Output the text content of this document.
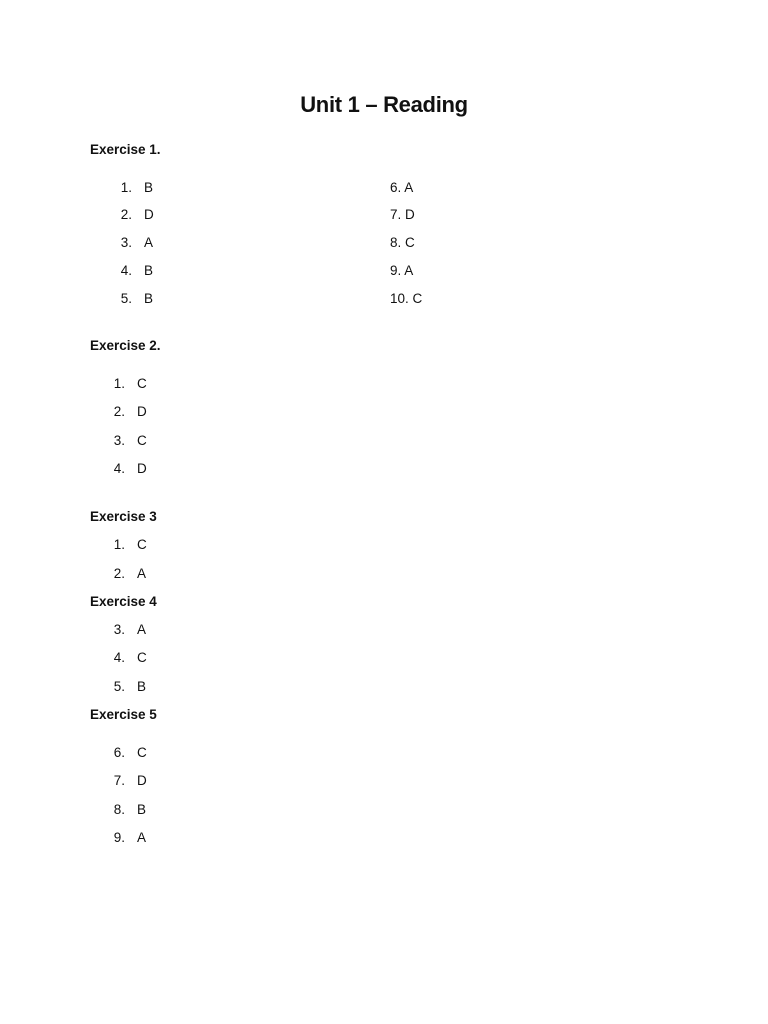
Unit 1 – Reading
Exercise 1.
1. B
2. D
3. A
4. B
5. B
6. A
7. D
8. C
9. A
10. C
Exercise 2.
1. C
2. D
3. C
4. D
Exercise 3
1. C
2. A
Exercise 4
3. A
4. C
5. B
Exercise 5
6. C
7. D
8. B
9. A
